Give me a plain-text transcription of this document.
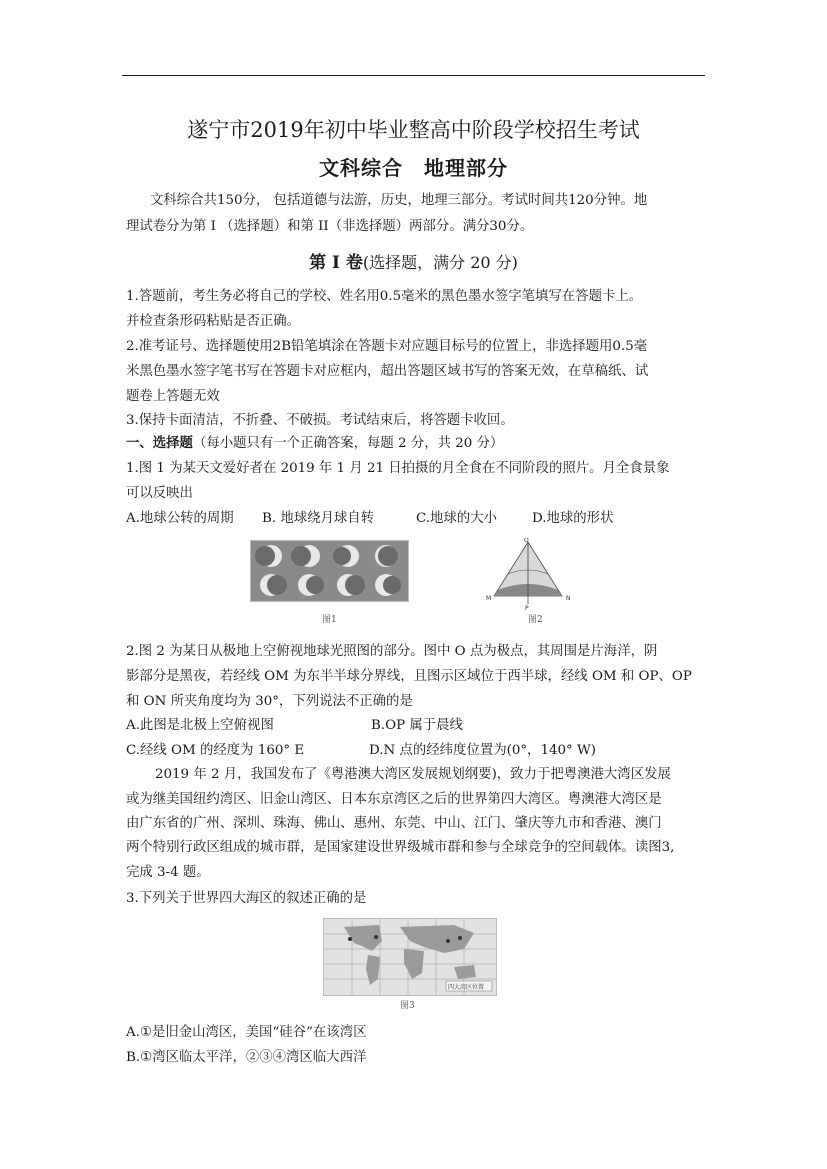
遂宁市2019年初中毕业整高中阶段学校招生考试
文科综合　地理部分
文科综合共150分， 包括道德与法游，历史，地理三部分。考试时间共120分钟。地
理试卷分为第 I （选择题）和第 II（非选择题）两部分。满分30分。
第 I 卷(选择题，满分 20 分)
1.答题前，考生务必将自己的学校、姓名用0.5毫米的黑色墨水签字笔填写在答题卡上。
并检查条形码粘贴是否正确。
2.准考证号、选择题使用2B铅笔填涂在答题卡对应题目标号的位置上，非选择题用0.5毫
米黑色墨水签字笔书写在答题卡对应框内，超出答题区域书写的答案无效，在草稿纸、试
题卷上答题无效
3.保持卡面清洁，不折叠、不破损。考试结束后，将答题卡收回。
一、选择题（每小题只有一个正确答案，每题 2 分，共 20 分）
1.图 1 为某天文爱好者在 2019 年 1 月 21 日拍摄的月全食在不同阶段的照片。月全食景象
可以反映出
A.地球公转的周期 B. 地球绕月球自转	C.地球的大小	D.地球的形状
图1
O
M	N
P
图2
2.图 2 为某日从极地上空俯视地球光照图的部分。图中 O 点为极点，其周围是片海洋，阴
影部分是黑夜，若经线 OM 为东半半球分界线，且图示区域位于西半球，经线 OM 和 OP、OP
和 ON 所夹角度均为 30°，下列说法不正确的是
A.此图是北极上空俯视图	B.OP 属于晨线
C.经线 OM 的经度为 160° E	D.N 点的经纬度位置为(0°，140° W)
2019 年 2 月，我国发布了《粤港澳大湾区发展规划纲要)，致力于把粤澳港大湾区发展
或为继美国纽约湾区、旧金山湾区、日本东京湾区之后的世界第四大湾区。粤澳港大湾区是
由广东省的广州、深圳、珠海、佛山、惠州、东莞、中山、江门、肇庆等九市和香港、澳门
两个特别行政区组成的城市群，是国家建设世界级城市群和参与全球竞争的空间载体。读图3,
完成 3-4 题。
3.下列关于世界四大海区的叙述正确的是
四大湾区位置
图3
A.①是旧金山湾区，美国“硅谷”在该湾区
B.①湾区临太平洋，②③④湾区临大西洋
